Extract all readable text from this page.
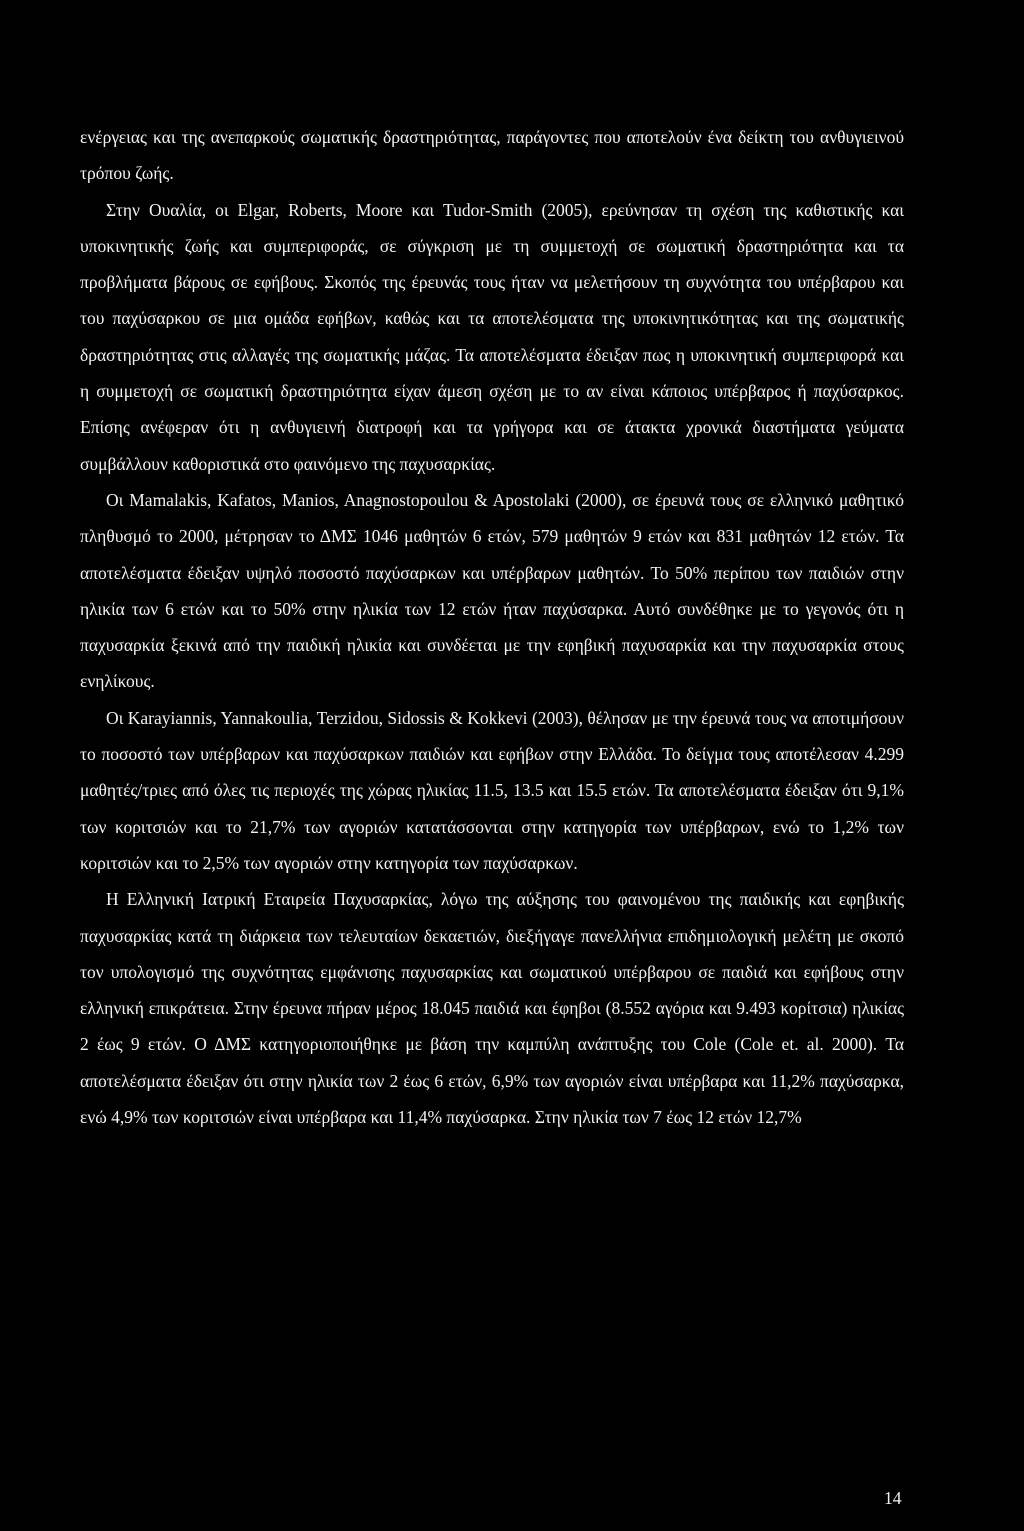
ενέργειας και της ανεπαρκούς σωματικής δραστηριότητας, παράγοντες που αποτελούν ένα δείκτη του ανθυγιεινού τρόπου ζωής.

Στην Ουαλία, οι Elgar, Roberts, Moore και Tudor-Smith (2005), ερεύνησαν τη σχέση της καθιστικής και υποκινητικής ζωής και συμπεριφοράς, σε σύγκριση με τη συμμετοχή σε σωματική δραστηριότητα και τα προβλήματα βάρους σε εφήβους. Σκοπός της έρευνάς τους ήταν να μελετήσουν τη συχνότητα του υπέρβαρου και του παχύσαρκου σε μια ομάδα εφήβων, καθώς και τα αποτελέσματα της υποκινητικότητας και της σωματικής δραστηριότητας στις αλλαγές της σωματικής μάζας. Τα αποτελέσματα έδειξαν πως η υποκινητική συμπεριφορά και η συμμετοχή σε σωματική δραστηριότητα είχαν άμεση σχέση με το αν είναι κάποιος υπέρβαρος ή παχύσαρκος. Επίσης ανέφεραν ότι η ανθυγιεινή διατροφή και τα γρήγορα και σε άτακτα χρονικά διαστήματα γεύματα συμβάλλουν καθοριστικά στο φαινόμενο της παχυσαρκίας.

Οι Mamalakis, Kafatos, Manios, Anagnostopoulou & Apostolaki (2000), σε έρευνά τους σε ελληνικό μαθητικό πληθυσμό το 2000, μέτρησαν το ΔΜΣ 1046 μαθητών 6 ετών, 579 μαθητών 9 ετών και 831 μαθητών 12 ετών. Τα αποτελέσματα έδειξαν υψηλό ποσοστό παχύσαρκων και υπέρβαρων μαθητών. Το 50% περίπου των παιδιών στην ηλικία των 6 ετών και το 50% στην ηλικία των 12 ετών ήταν παχύσαρκα. Αυτό συνδέθηκε με το γεγονός ότι η παχυσαρκία ξεκινά από την παιδική ηλικία και συνδέεται με την εφηβική παχυσαρκία και την παχυσαρκία στους ενηλίκους.

Οι Karayiannis, Yannakoulia, Terzidou, Sidossis & Kokkevi (2003), θέλησαν με την έρευνά τους να αποτιμήσουν το ποσοστό των υπέρβαρων και παχύσαρκων παιδιών και εφήβων στην Ελλάδα. Το δείγμα τους αποτέλεσαν 4.299 μαθητές/τριες από όλες τις περιοχές της χώρας ηλικίας 11.5, 13.5 και 15.5 ετών. Τα αποτελέσματα έδειξαν ότι 9,1% των κοριτσιών και το 21,7% των αγοριών κατατάσσονται στην κατηγορία των υπέρβαρων, ενώ το 1,2% των κοριτσιών και το 2,5% των αγοριών στην κατηγορία των παχύσαρκων.

Η Ελληνική Ιατρική Εταιρεία Παχυσαρκίας, λόγω της αύξησης του φαινομένου της παιδικής και εφηβικής παχυσαρκίας κατά τη διάρκεια των τελευταίων δεκαετιών, διεξήγαγε πανελλήνια επιδημιολογική μελέτη με σκοπό τον υπολογισμό της συχνότητας εμφάνισης παχυσαρκίας και σωματικού υπέρβαρου σε παιδιά και εφήβους στην ελληνική επικράτεια. Στην έρευνα πήραν μέρος 18.045 παιδιά και έφηβοι (8.552 αγόρια και 9.493 κορίτσια) ηλικίας 2 έως 9 ετών. Ο ΔΜΣ κατηγοριοποιήθηκε με βάση την καμπύλη ανάπτυξης του Cole (Cole et. al. 2000). Τα αποτελέσματα έδειξαν ότι στην ηλικία των 2 έως 6 ετών, 6,9% των αγοριών είναι υπέρβαρα και 11,2% παχύσαρκα, ενώ 4,9% των κοριτσιών είναι υπέρβαρα και 11,4% παχύσαρκα. Στην ηλικία των 7 έως 12 ετών 12,7%

14
